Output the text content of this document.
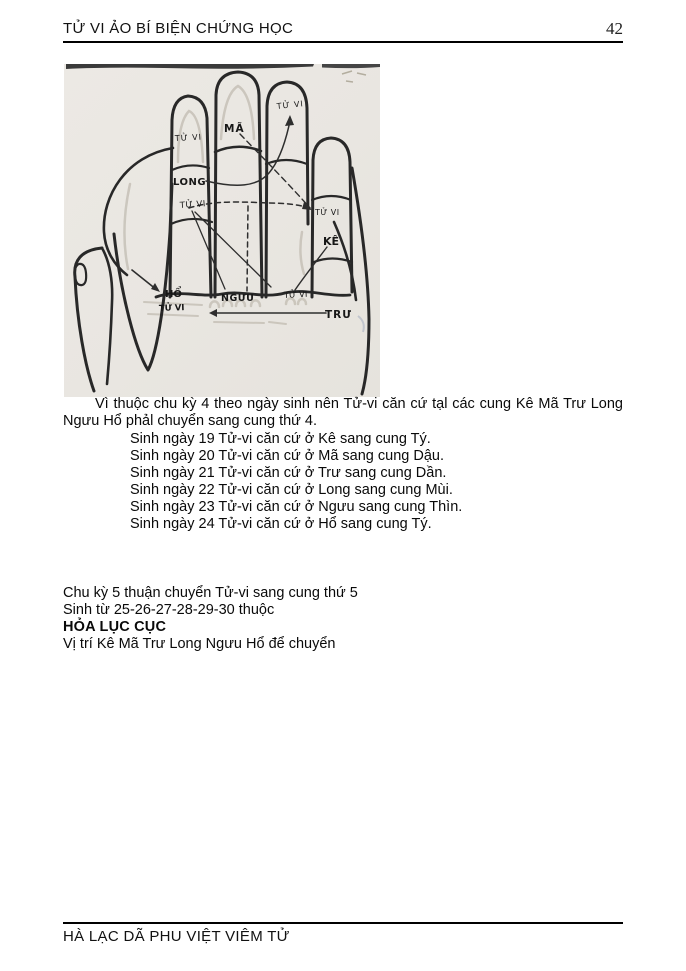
TỬ VI ẢO BÍ BIỆN CHỨNG HỌC	42
TỬ VI
MÃ
TỬ VI
LONG
TỬ VI
TỬ VI
KÊ
HỔ
TỬ VI
NGƯU	TỬ VI
TRƯ

Vì thuộc chu kỳ 4 theo ngày sinh nên Tử-vi căn cứ tạl các cung Kê Mã Trư Long Ngưu Hổ phảl chuyển sang cung thứ 4.

Sinh ngày 19 Tử-vi căn cứ ở Kê sang cung Tý.
Sinh ngày 20 Tử-vi căn cứ ở Mã sang cung Dậu.
Sinh ngày 21 Tử-vi căn cứ ở Trư sang cung Dần.
Sinh ngày 22 Tử-vi căn cứ ở Long sang cung Mùi.
Sinh ngày 23 Tử-vi căn cứ ở Ngưu sang cung Thìn.
Sinh ngày 24 Tử-vi căn cứ ở Hổ sang cung Tý.
Chu kỳ 5 thuận chuyển Tử-vi sang cung thứ 5
Sinh từ 25-26-27-28-29-30 thuộc
HỎA LỤC CỤC
Vị trí Kê Mã Trư Long Ngưu Hổ để chuyển
HÀ LẠC DÃ PHU VIỆT VIÊM TỬ
